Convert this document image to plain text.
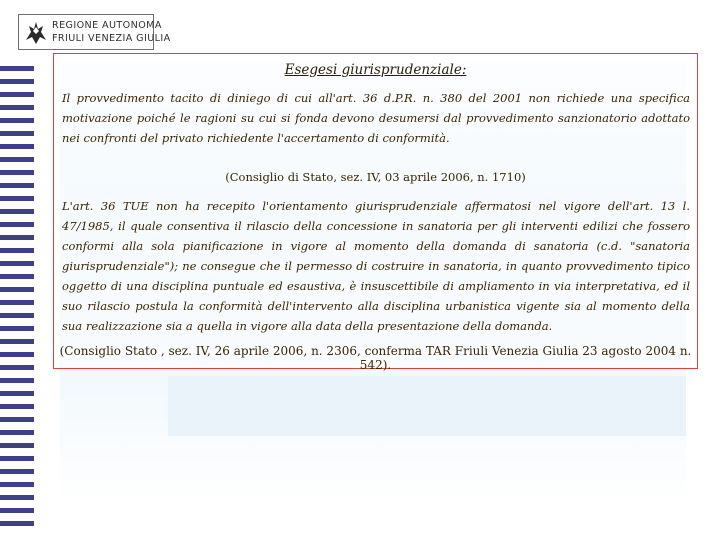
REGIONE AUTONOMA
FRIULI VENEZIA GIULIA
Esegesi giurisprudenziale:
Il provvedimento tacito di diniego di cui all'art. 36 d.P.R. n. 380 del 2001 non richiede una specifica motivazione poiché le ragioni su cui si fonda devono desumersi dal provvedimento sanzionatorio adottato nei confronti del privato richiedente l'accertamento di conformità.
(Consiglio di Stato, sez. IV, 03 aprile 2006, n. 1710)
L'art. 36 TUE non ha recepito l'orientamento giurisprudenziale affermatosi nel vigore dell'art. 13 l. 47/1985, il quale consentiva il rilascio della concessione in sanatoria per gli interventi edilizi che fossero conformi alla sola pianificazione in vigore al momento della domanda di sanatoria (c.d. "sanatoria giurisprudenziale"); ne consegue che il permesso di costruire in sanatoria, in quanto provvedimento tipico oggetto di una disciplina puntuale ed esaustiva, è insuscettibile di ampliamento in via interpretativa, ed il suo rilascio postula la conformità dell'intervento alla disciplina urbanistica vigente sia al momento della sua realizzazione sia a quella in vigore alla data della presentazione della domanda.
(Consiglio Stato , sez. IV, 26 aprile 2006, n. 2306, conferma TAR Friuli Venezia Giulia 23 agosto 2004 n. 542).
